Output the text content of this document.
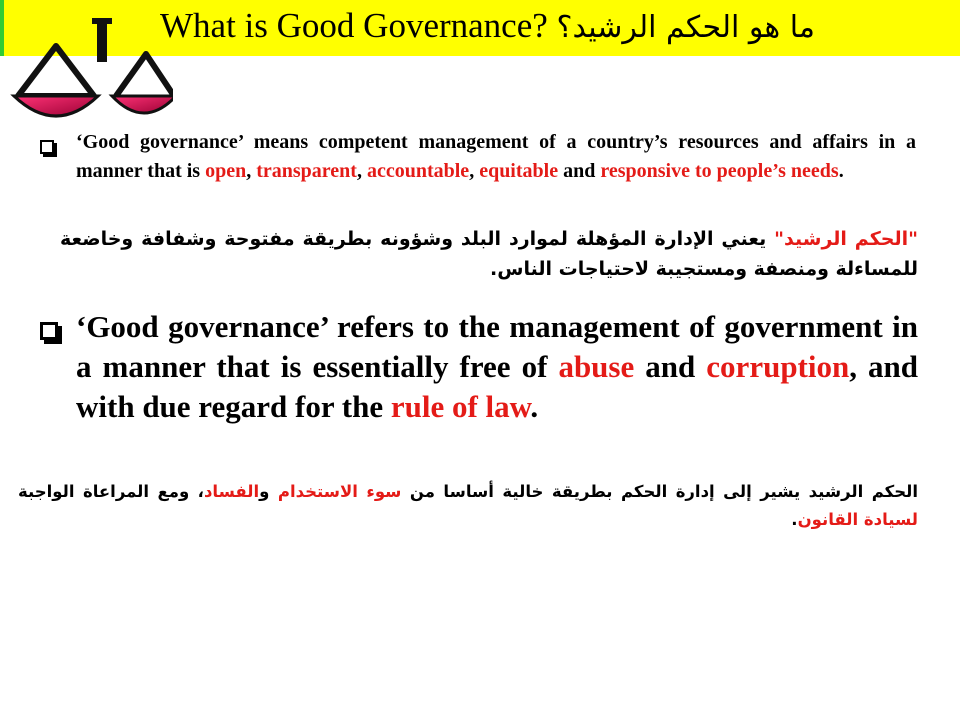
What is Good Governance? ما هو الحكم الرشيد؟
‘Good governance’ means competent management of a country’s resources and affairs in a manner that is open, transparent, accountable, equitable and responsive to people’s needs.
"الحكم الرشيد" يعني الإدارة المؤهلة لموارد البلد وشؤونه بطريقة مفتوحة وشفافة وخاضعة للمساءلة ومنصفة ومستجيبة لاحتياجات الناس.
‘Good governance’ refers to the management of government in a manner that is essentially free of abuse and corruption, and with due regard for the rule of law.
الحكم الرشيد يشير إلى إدارة الحكم بطريقة خالية أساسا من سوء الاستخدام والفساد، ومع المراعاة الواجبة لسيادة القانون.
